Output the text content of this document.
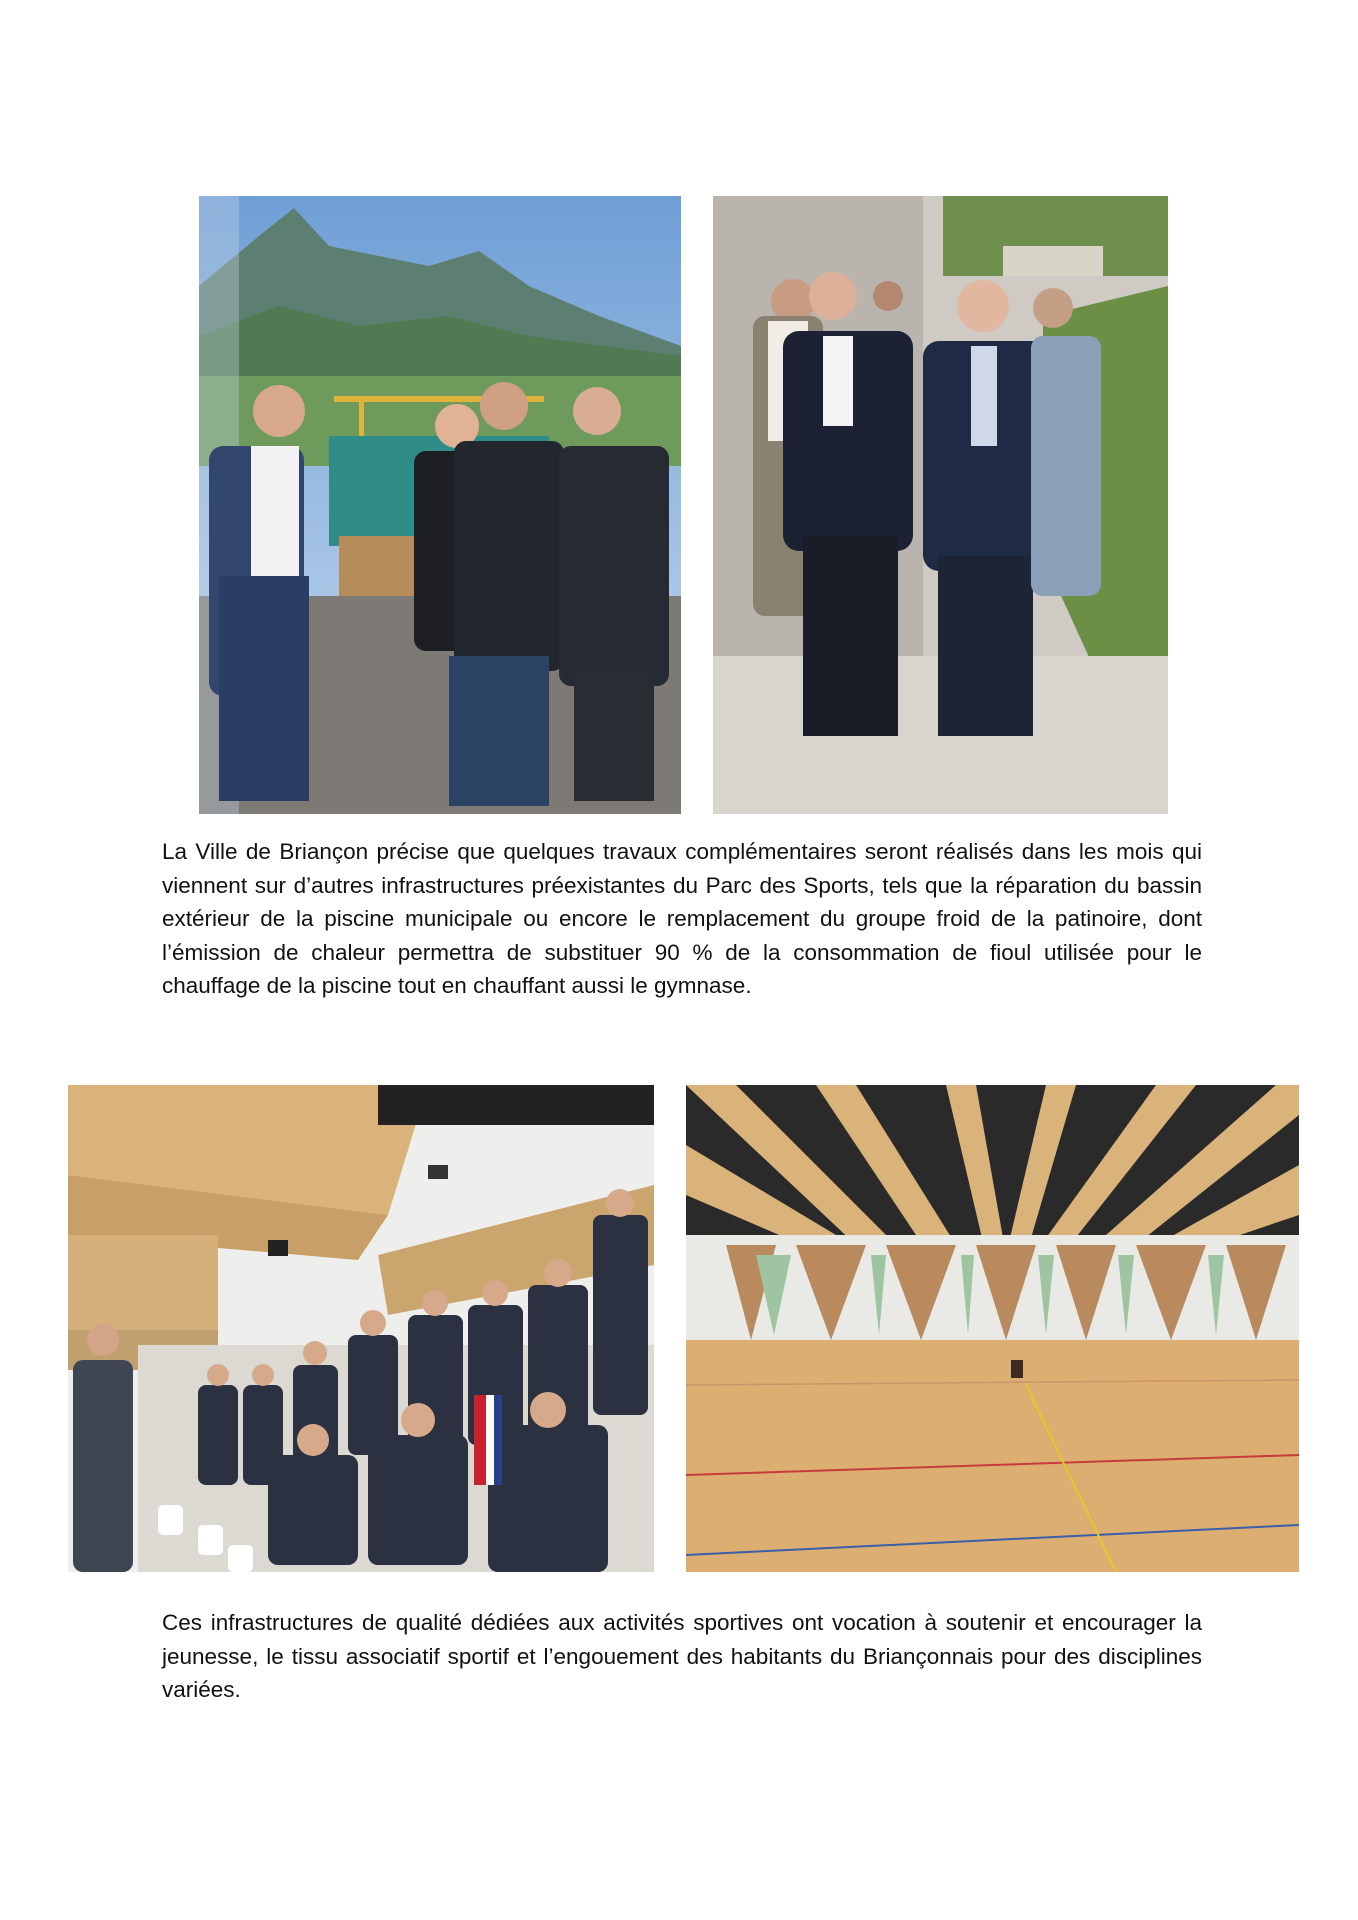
La Ville de Briançon précise que quelques travaux complémentaires seront réalisés dans les mois qui viennent sur d’autres infrastructures préexistantes du Parc des Sports, tels que la réparation du bassin extérieur de la piscine municipale ou encore le remplacement du groupe froid de la patinoire, dont l’émission de chaleur permettra de substituer 90 % de la consommation de fioul utilisée pour le chauffage de la piscine tout en chauffant aussi le gymnase.

Ces infrastructures de qualité dédiées aux activités sportives ont vocation à soutenir et encourager la jeunesse, le tissu associatif sportif et l’engouement des habitants du Briançonnais pour des disciplines variées.
